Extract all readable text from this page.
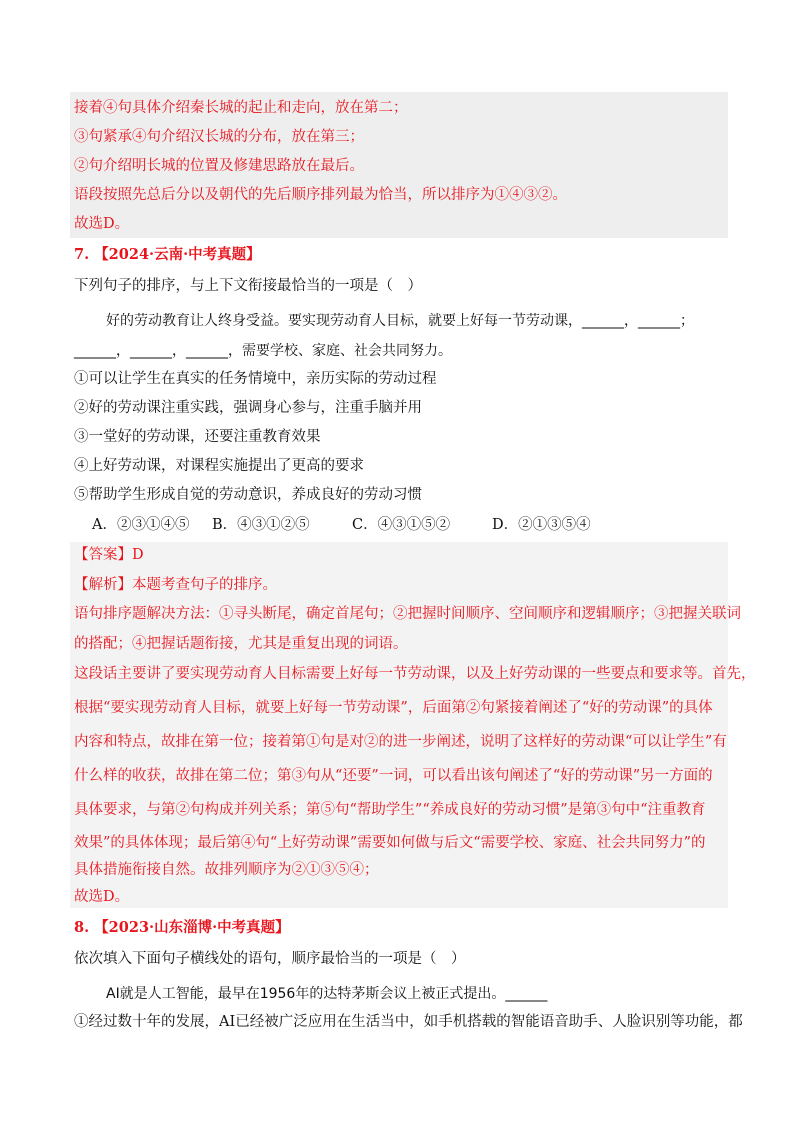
接着④句具体介绍秦长城的起止和走向，放在第二；
③句紧承④句介绍汉长城的分布，放在第三；
②句介绍明长城的位置及修建思路放在最后。
语段按照先总后分以及朝代的先后顺序排列最为恰当，所以排序为①④③②。
故选D。
7. 【2024·云南·中考真题】
下列句子的排序，与上下文衔接最恰当的一项是（　）
好的劳动教育让人终身受益。要实现劳动育人目标，就要上好每一节劳动课，______，______；
______，______，______，需要学校、家庭、社会共同努力。
①可以让学生在真实的任务情境中，亲历实际的劳动过程
②好的劳动课注重实践，强调身心参与，注重手脑并用
③一堂好的劳动课，还要注重教育效果
④上好劳动课，对课程实施提出了更高的要求
⑤帮助学生形成自觉的劳动意识，养成良好的劳动习惯
A．②③①④⑤ B．④③①②⑤	C．④③①⑤②	D．②①③⑤④
【答案】D
【解析】本题考查句子的排序。
语句排序题解决方法：①寻头断尾，确定首尾句；②把握时间顺序、空间顺序和逻辑顺序；③把握关联词
的搭配；④把握话题衔接，尤其是重复出现的词语。
这段话主要讲了要实现劳动育人目标需要上好每一节劳动课，以及上好劳动课的一些要点和要求等。首先，
根据“要实现劳动育人目标，就要上好每一节劳动课”，后面第②句紧接着阐述了“好的劳动课”的具体
内容和特点，故排在第一位；接着第①句是对②的进一步阐述，说明了这样好的劳动课“可以让学生”有
什么样的收获，故排在第二位；第③句从“还要”一词，可以看出该句阐述了“好的劳动课”另一方面的
具体要求，与第②句构成并列关系；第⑤句“帮助学生”“养成良好的劳动习惯”是第③句中“注重教育
效果”的具体体现；最后第④句“上好劳动课”需要如何做与后文“需要学校、家庭、社会共同努力”的
具体措施衔接自然。故排列顺序为②①③⑤④；
故选D。
8. 【2023·山东淄博·中考真题】
依次填入下面句子横线处的语句，顺序最恰当的一项是（　）
AI就是人工智能，最早在1956年的达特茅斯会议上被正式提出。______
①经过数十年的发展，AI已经被广泛应用在生活当中，如手机搭载的智能语音助手、人脸识别等功能，都
